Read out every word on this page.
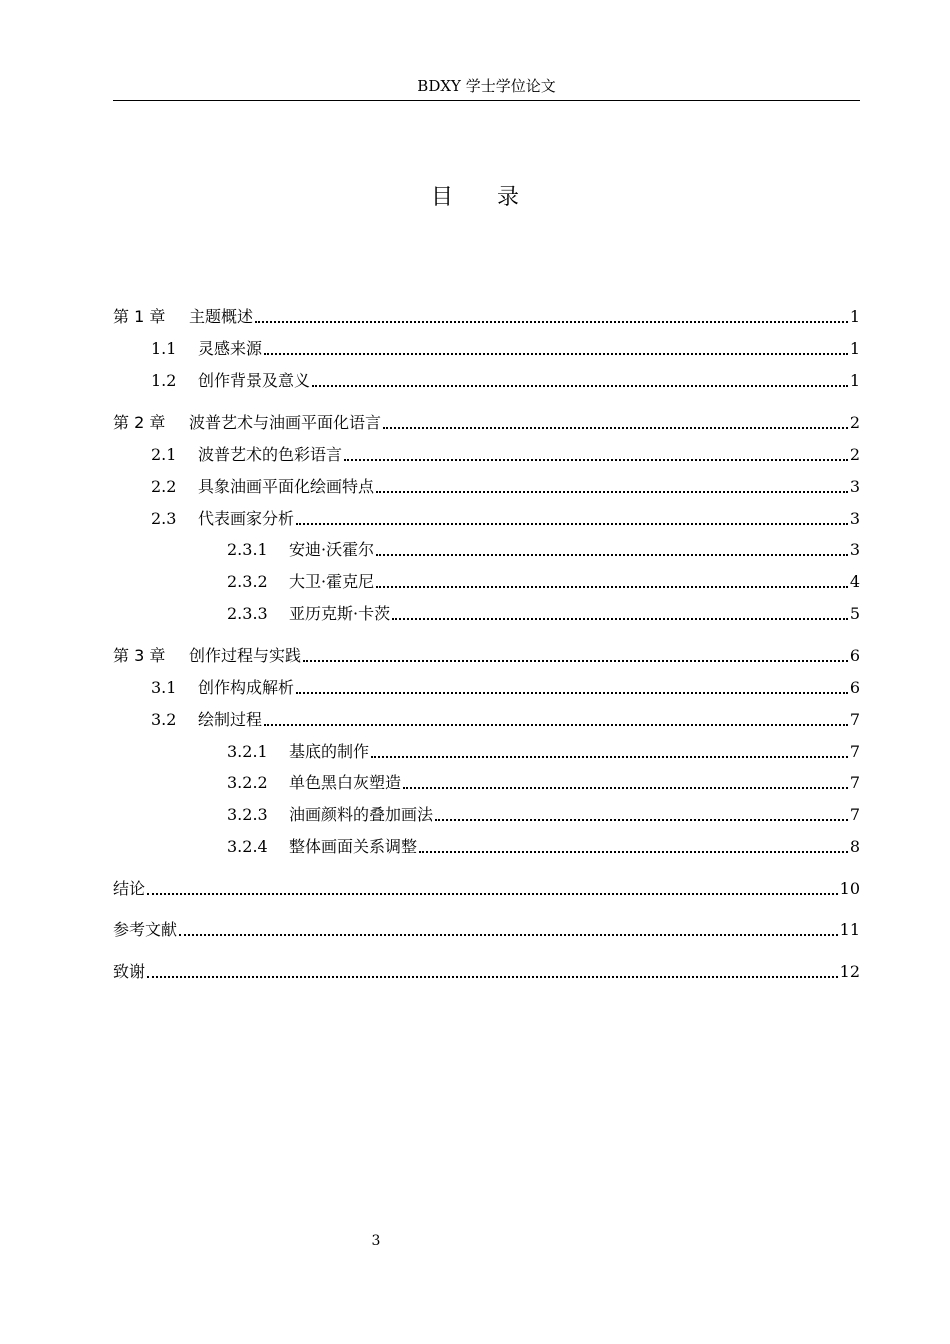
BDXY 学士学位论文
目录
第 1 章	主题概述	1
1.1	灵感来源	1
1.2	创作背景及意义	1
第 2 章	波普艺术与油画平面化语言	2
2.1	波普艺术的色彩语言	2
2.2	具象油画平面化绘画特点	3
2.3	代表画家分析	3
2.3.1	安迪·沃霍尔	3
2.3.2	大卫·霍克尼	4
2.3.3	亚历克斯·卡茨	5
第 3 章	创作过程与实践	6
3.1	创作构成解析	6
3.2	绘制过程	7
3.2.1	基底的制作	7
3.2.2	单色黑白灰塑造	7
3.2.3	油画颜料的叠加画法	7
3.2.4	整体画面关系调整	8
结论	10
参考文献	11
致谢	12
3
